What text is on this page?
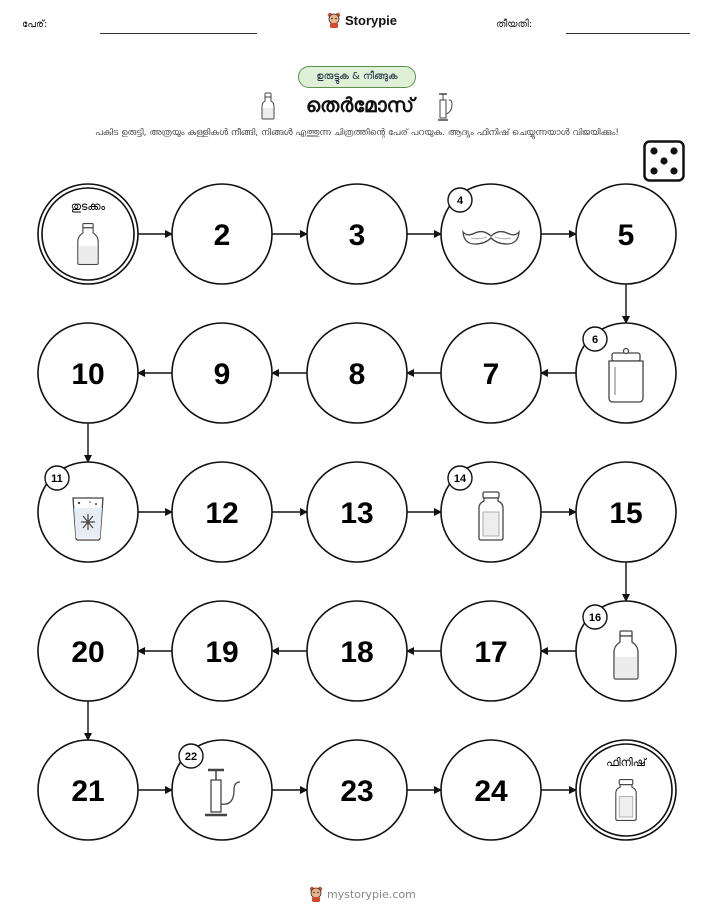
പേര്:	Storypie	തീയതി:
ഉരുട്ടുക & നീങ്ങുക
തെർമോസ്
പകിട ഉരുട്ടി, അത്രയും കള്ളികൾ നീങ്ങി, നിങ്ങൾ എത്തുന്ന ചിത്രത്തിന്റെ പേര് പറയുക. ആദ്യം ഫിനിഷ് ചെയ്യുന്നയാൾ വിജയിക്കും!
തുടക്കം
2	3
4
5
10	9	8	7
6
11
12	13
14
15
20	19	18	17
16
21
22
23	24
ഫിനിഷ്
mystorypie.com
